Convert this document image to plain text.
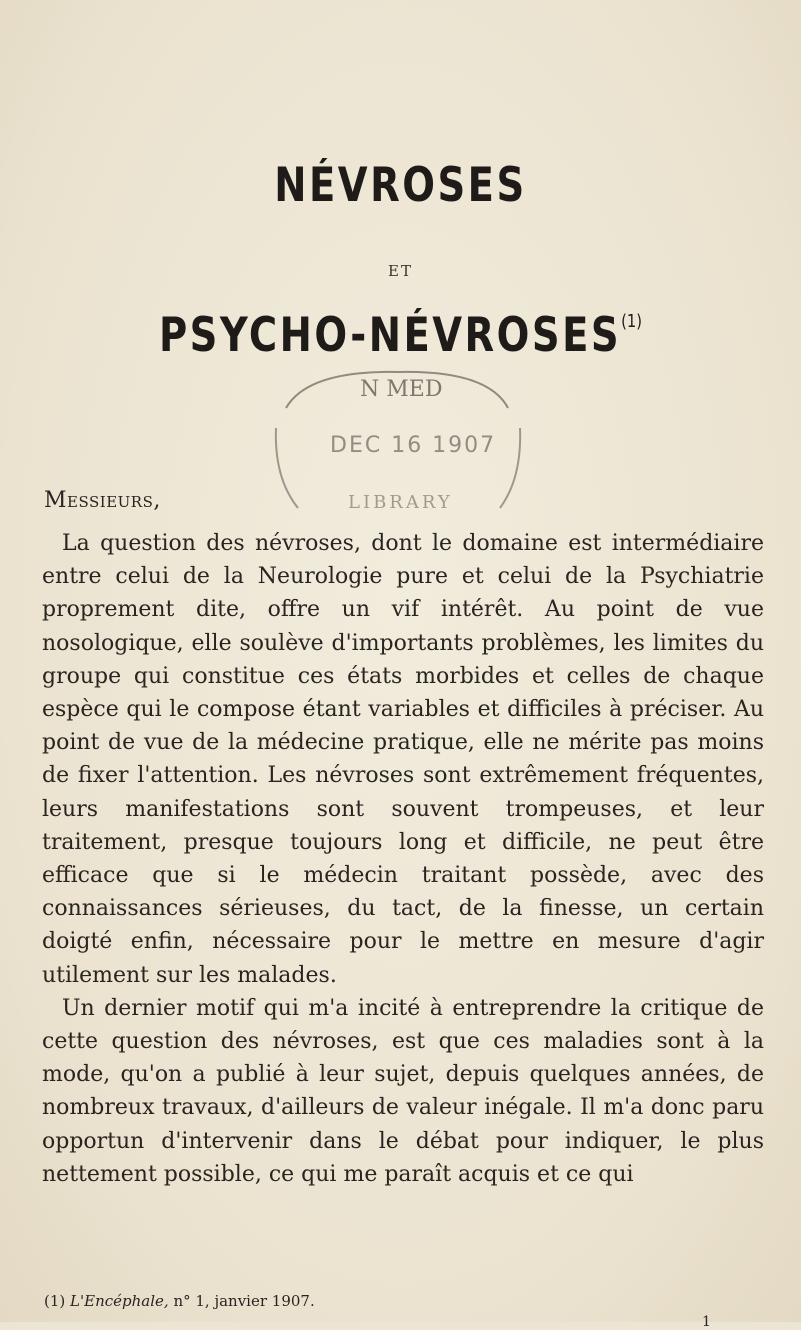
NÉVROSES
ET
PSYCHO-NÉVROSES$^{(1)}$
N MED
DEC 16 1907
LIBRARY
Messieurs,

La question des névroses, dont le domaine est intermédiaire entre celui de la Neurologie pure et celui de la Psychiatrie proprement dite, offre un vif intérêt. Au point de vue nosologique, elle soulève d'importants problèmes, les limites du groupe qui constitue ces états morbides et celles de chaque espèce qui le compose étant variables et difficiles à préciser. Au point de vue de la médecine pratique, elle ne mérite pas moins de fixer l'attention. Les névroses sont extrêmement fréquentes, leurs manifestations sont souvent trompeuses, et leur traitement, presque toujours long et difficile, ne peut être efficace que si le médecin traitant possède, avec des connaissances sérieuses, du tact, de la finesse, un certain doigté enfin, nécessaire pour le mettre en mesure d'agir utilement sur les malades.

Un dernier motif qui m'a incité à entreprendre la critique de cette question des névroses, est que ces maladies sont à la mode, qu'on a publié à leur sujet, depuis quelques années, de nombreux travaux, d'ailleurs de valeur inégale. Il m'a donc paru opportun d'intervenir dans le débat pour indiquer, le plus nettement possible, ce qui me paraît acquis et ce qui

(1) L'Encéphale, n° 1, janvier 1907.
1
